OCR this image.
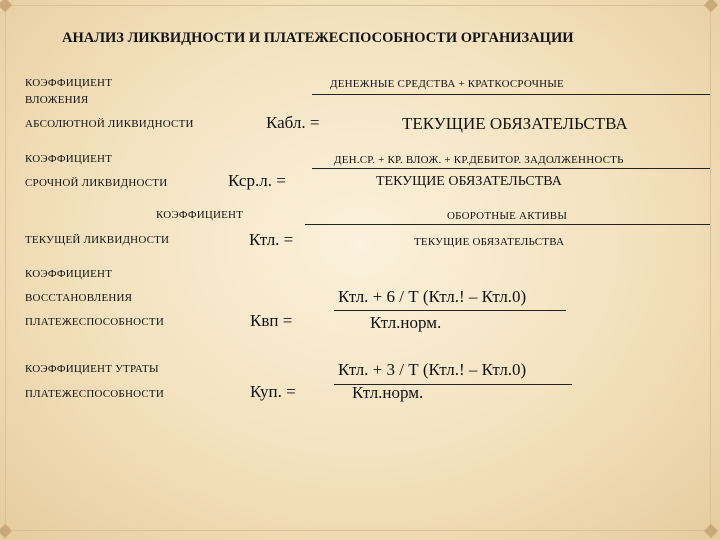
АНАЛИЗ ЛИКВИДНОСТИ И ПЛАТЕЖЕСПОСОБНОСТИ ОРГАНИЗАЦИИ
КОЭФФИЦИЕНТ
ВЛОЖЕНИЯ
АБСОЛЮТНОЙ ЛИКВИДНОСТИ	Кабл. =
ДЕНЕЖНЫЕ СРЕДСТВА + КРАТКОСРОЧНЫЕ
ТЕКУЩИЕ ОБЯЗАТЕЛЬСТВА
КОЭФФИЦИЕНТ
СРОЧНОЙ ЛИКВИДНОСТИ	Кср.л. =
ДЕН.СР. + КР. ВЛОЖ. + КР.ДЕБИТОР. ЗАДОЛЖЕННОСТЬ
ТЕКУЩИЕ ОБЯЗАТЕЛЬСТВА
КОЭФФИЦИЕНТ
ТЕКУЩЕЙ ЛИКВИДНОСТИ	Ктл. =
ОБОРОТНЫЕ АКТИВЫ
ТЕКУЩИЕ ОБЯЗАТЕЛЬСТВА
КОЭФФИЦИЕНТ
ВОССТАНОВЛЕНИЯ
ПЛАТЕЖЕСПОСОБНОСТИ	Квп =
Ктл. + 6 / Т (Ктл.! – Ктл.0)
Ктл.норм.
КОЭФФИЦИЕНТ УТРАТЫ
ПЛАТЕЖЕСПОСОБНОСТИ	Куп. =
Ктл. + 3 / Т (Ктл.! – Ктл.0)
Ктл.норм.
